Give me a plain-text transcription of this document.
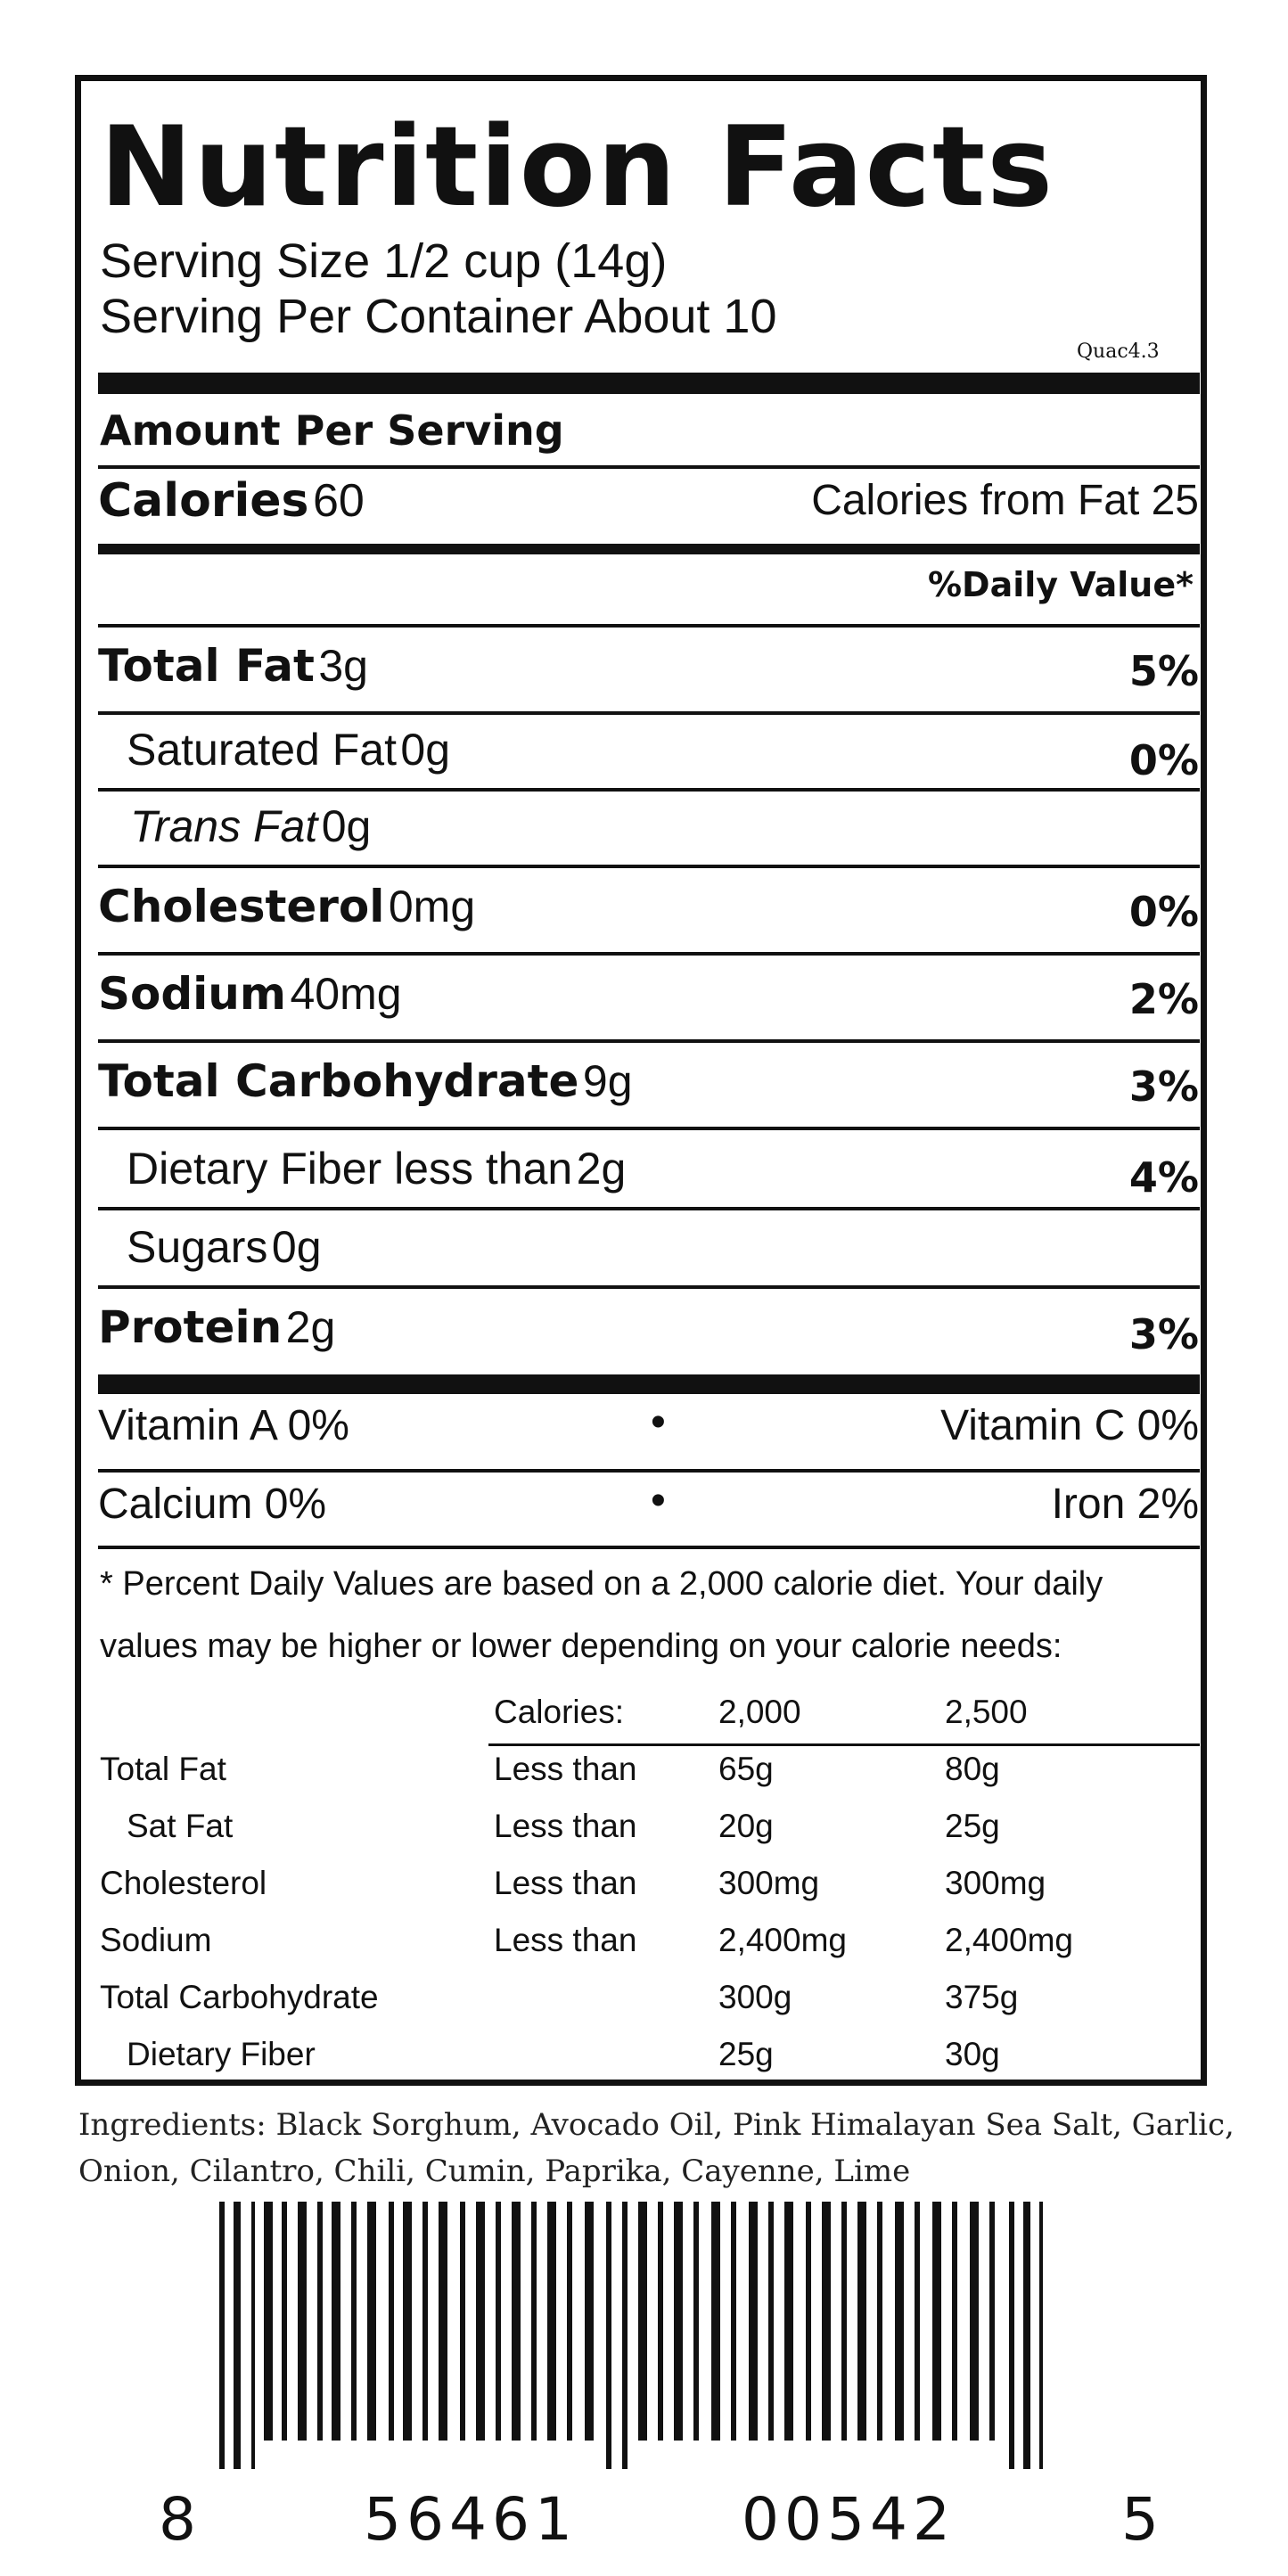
Nutrition Facts
Serving Size 1/2 cup (14g)
Serving Per Container About 10
Quac4.3
Amount Per Serving
Calories 60	Calories from Fat 25
%Daily Value*
Total Fat 3g	5%
Saturated Fat 0g	0%
Trans Fat 0g
Cholesterol 0mg	0%
Sodium 40mg	2%
Total Carbohydrate 9g	3%
Dietary Fiber less than 2g	4%
Sugars 0g
Protein 2g	3%
Vitamin A 0%	•	Vitamin C 0%
Calcium 0%	•	Iron 2%
* Percent Daily Values are based on a 2,000 calorie diet. Your daily
values may be higher or lower depending on your calorie needs:
Calories:	2,000	2,500
Total Fat	Less than 65g	80g
Sat Fat	Less than 20g	25g
Cholesterol	Less than 300mg	300mg
Sodium	Less than 2,400mg	2,400mg
Total Carbohydrate	300g	375g
Dietary Fiber	25g	30g
Ingredients: Black Sorghum, Avocado Oil, Pink Himalayan Sea Salt, Garlic,
Onion, Cilantro, Chili, Cumin, Paprika, Cayenne, Lime
8	56461	00542	5
